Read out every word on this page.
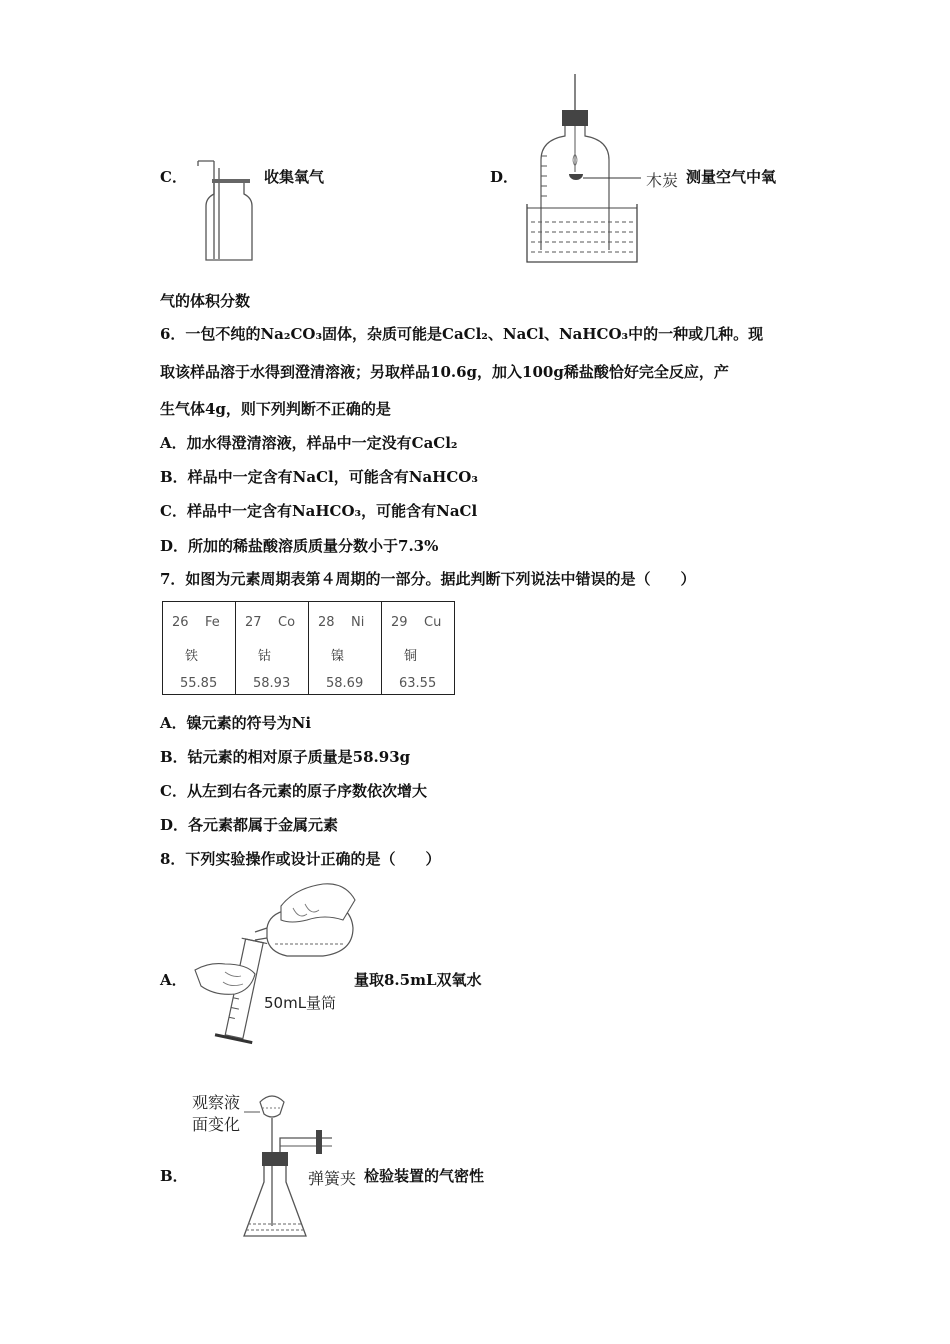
C．	收集氧气	D．	木炭 测量空气中氧
气的体积分数
6．一包不纯的Na₂CO₃固体，杂质可能是CaCl₂、NaCl、NaHCO₃中的一种或几种。现
取该样品溶于水得到澄清溶液；另取样品10.6g，加入100g稀盐酸恰好完全反应，产
生气体4g，则下列判断不正确的是
A．加水得澄清溶液，样品中一定没有CaCl₂
B．样品中一定含有NaCl，可能含有NaHCO₃
C．样品中一定含有NaHCO₃，可能含有NaCl
D．所加的稀盐酸溶质质量分数小于7.3%
7．如图为元素周期表第４周期的一部分。据此判断下列说法中错误的是（　　）
26 Fe
铁
55.85

27 Co
钴
58.93

28 Ni
镍
58.69

29 Cu
铜
63.55
A．镍元素的符号为Ni
B．钴元素的相对原子质量是58.93g
C．从左到右各元素的原子序数依次增大
D．各元素都属于金属元素
8．下列实验操作或设计正确的是（　　）
A．
50mL量筒
量取8.5mL双氧水
观察液
面变化
B．	弹簧夹 检验装置的气密性
